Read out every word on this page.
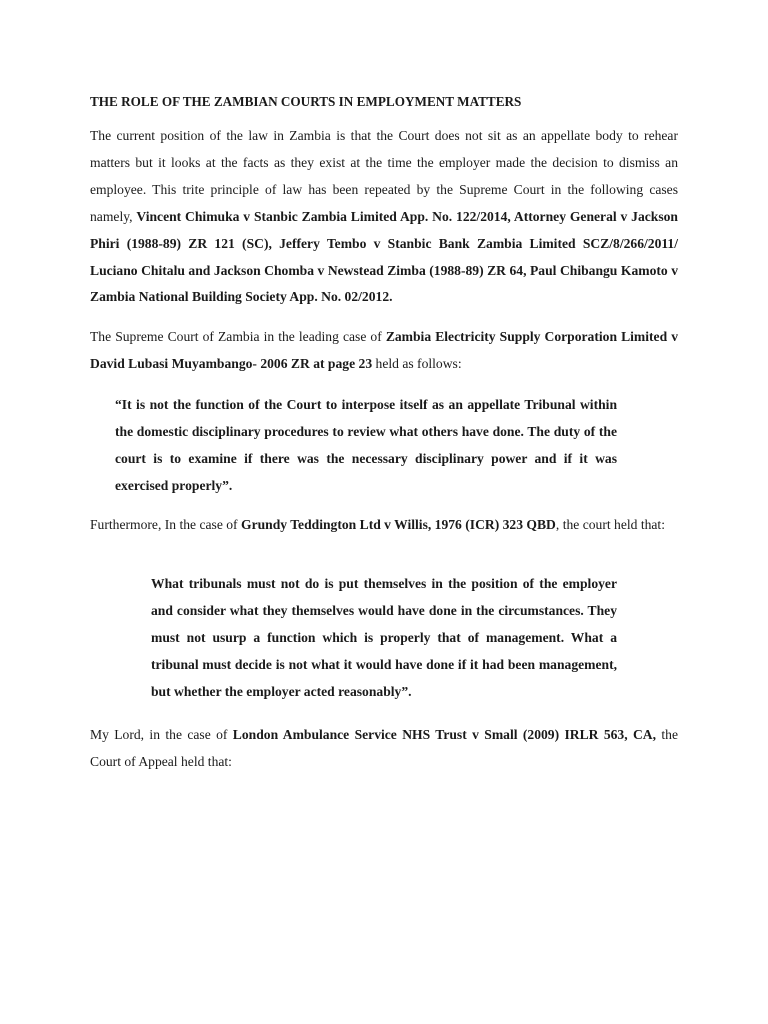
THE ROLE OF THE ZAMBIAN COURTS IN EMPLOYMENT MATTERS

The current position of the law in Zambia is that the Court does not sit as an appellate body to rehear matters but it looks at the facts as they exist at the time the employer made the decision to dismiss an employee. This trite principle of law has been repeated by the Supreme Court in the following cases namely, Vincent Chimuka v Stanbic Zambia Limited App. No. 122/2014, Attorney General v Jackson Phiri (1988-89) ZR 121 (SC), Jeffery Tembo v Stanbic Bank Zambia Limited SCZ/8/266/2011/ Luciano Chitalu and Jackson Chomba v Newstead Zimba (1988-89) ZR 64, Paul Chibangu Kamoto v Zambia National Building Society App. No. 02/2012.

The Supreme Court of Zambia in the leading case of Zambia Electricity Supply Corporation Limited v David Lubasi Muyambango- 2006 ZR at page 23 held as follows:

“It is not the function of the Court to interpose itself as an appellate Tribunal within the domestic disciplinary procedures to review what others have done. The duty of the court is to examine if there was the necessary disciplinary power and if it was exercised properly”.

Furthermore, In the case of Grundy Teddington Ltd v Willis, 1976 (ICR) 323 QBD, the court held that:

What tribunals must not do is put themselves in the position of the employer and consider what they themselves would have done in the circumstances. They must not usurp a function which is properly that of management. What a tribunal must decide is not what it would have done if it had been management, but whether the employer acted reasonably”.

My Lord, in the case of London Ambulance Service NHS Trust v Small (2009) IRLR 563, CA, the Court of Appeal held that:
